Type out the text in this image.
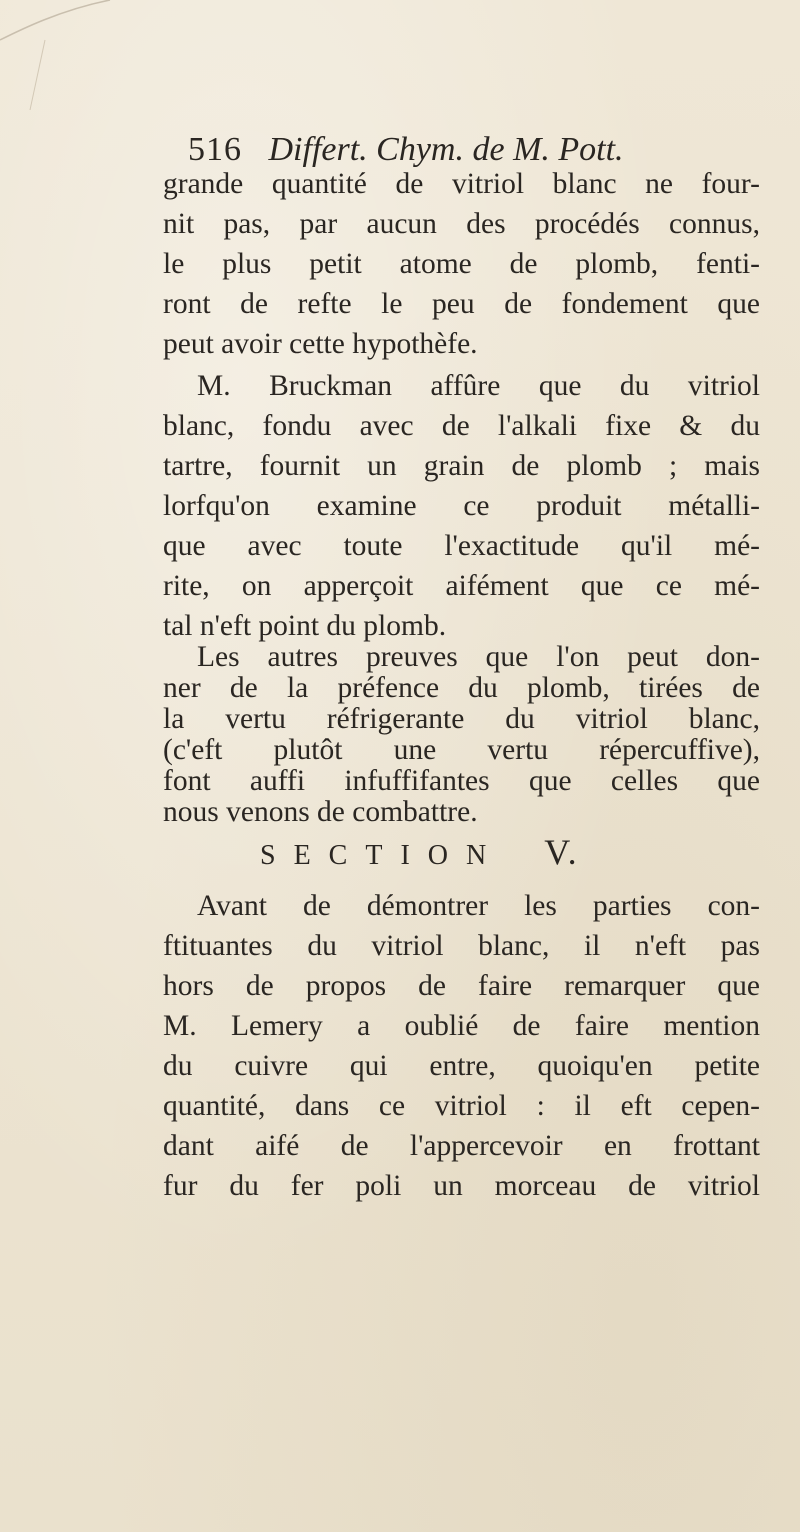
516 Differt. Chym. de M. Pott.
grande quantité de vitriol blanc ne four-
nit pas, par aucun des procédés connus,
le plus petit atome de plomb, fenti-
ront de refte le peu de fondement que
peut avoir cette hypothèfe.
M. Bruckman affûre que du vitriol
blanc, fondu avec de l'alkali fixe & du
tartre, fournit un grain de plomb ; mais
lorfqu'on examine ce produit métalli-
que avec toute l'exactitude qu'il mé-
rite, on apperçoit aifément que ce mé-
tal n'eft point du plomb.
Les autres preuves que l'on peut don-
ner de la préfence du plomb, tirées de
la vertu réfrigerante du vitriol blanc,
(c'eft plutôt une vertu répercuffive),
SECTION V.
Avant de démontrer les parties con-
ftituantes du vitriol blanc, il n'eft pas
hors de propos de faire remarquer que
M. Lemery a oublié de faire mention
du cuivre qui entre, quoiqu'en petite
quantité, dans ce vitriol : il eft cepen-
dant aifé de l'appercevoir en frottant
fur du fer poli un morceau de vitriol
font auffi infuffifantes que celles que
nous venons de combattre.
